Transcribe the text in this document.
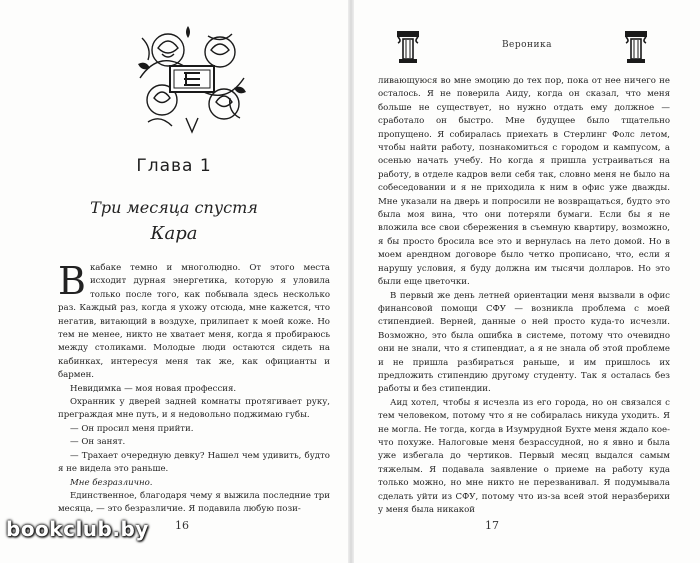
Глава 1
Три месяца спустя
Кара

Вкабаке темно и многолюдно. От этого места исходит дурная энергетика, которую я уловила только после того, как побывала здесь несколько раз. Каждый раз, когда я ухожу отсюда, мне кажется, что негатив, витающий в воздухе, прилипает к моей коже. Но тем не менее, никто не хватает меня, когда я пробираюсь между столиками. Молодые люди остаются сидеть на кабинках, интересуя меня так же, как официанты и бармен.

Невидимка — моя новая профессия.

Охранник у дверей задней комнаты протягивает руку, преграждая мне путь, и я недовольно поджимаю губы.

— Он просил меня прийти.

— Он занят.

— Трахает очередную девку? Нашел чем удивить, будто я не видела это раньше.

Мне безразлично.

Единственное, благодаря чему я выжила последние три месяца, — это безразличие. Я подавила любую пози-

16
Вероника

ливающуюся во мне эмоцию до тех пор, пока от нее ничего не осталось. Я не поверила Аиду, когда он сказал, что меня больше не существует, но нужно отдать ему должное — сработало он быстро. Мне будущее было тщательно пропущено. Я собиралась приехать в Стерлинг Фолс летом, чтобы найти работу, познакомиться с городом и кампусом, а осенью начать учебу. Но когда я пришла устраиваться на работу, в отделе кадров вели себя так, словно меня не было на собеседовании и я не приходила к ним в офис уже дважды. Мне указали на дверь и попросили не возвращаться, будто это была моя вина, что они потеряли бумаги. Если бы я не вложила все свои сбережения в съемную квартиру, возможно, я бы просто бросила все это и вернулась на лето домой. Но в моем арендном договоре было четко прописано, что, если я нарушу условия, я буду должна им тысячи долларов. Но это были еще цветочки.

В первый же день летней ориентации меня вызвали в офис финансовой помощи СФУ — возникла проблема с моей стипендией. Верней, данные о ней просто куда-то исчезли. Возможно, это была ошибка в системе, потому что очевидно они не знали, что я стипендиат, а я не знала об этой проблеме и не пришла разбираться раньше, и им пришлось их предложить стипендию другому студенту. Так я осталась без работы и без стипендии.

Аид хотел, чтобы я исчезла из его города, но он связался с тем человеком, потому что я не собиралась никуда уходить. Я не могла. Не тогда, когда в Изумрудной Бухте меня ждало кое-что похуже. Налоговые меня безрассудной, но я явно и была уже избегала до чертиков. Первый месяц выдался самым тяжелым. Я подавала заявление о приеме на работу куда только можно, но мне никто не перезванивал. Я подумывала сделать уйти из СФУ, потому что из-за всей этой неразберихи у меня была никакой

17
bookclub.by
